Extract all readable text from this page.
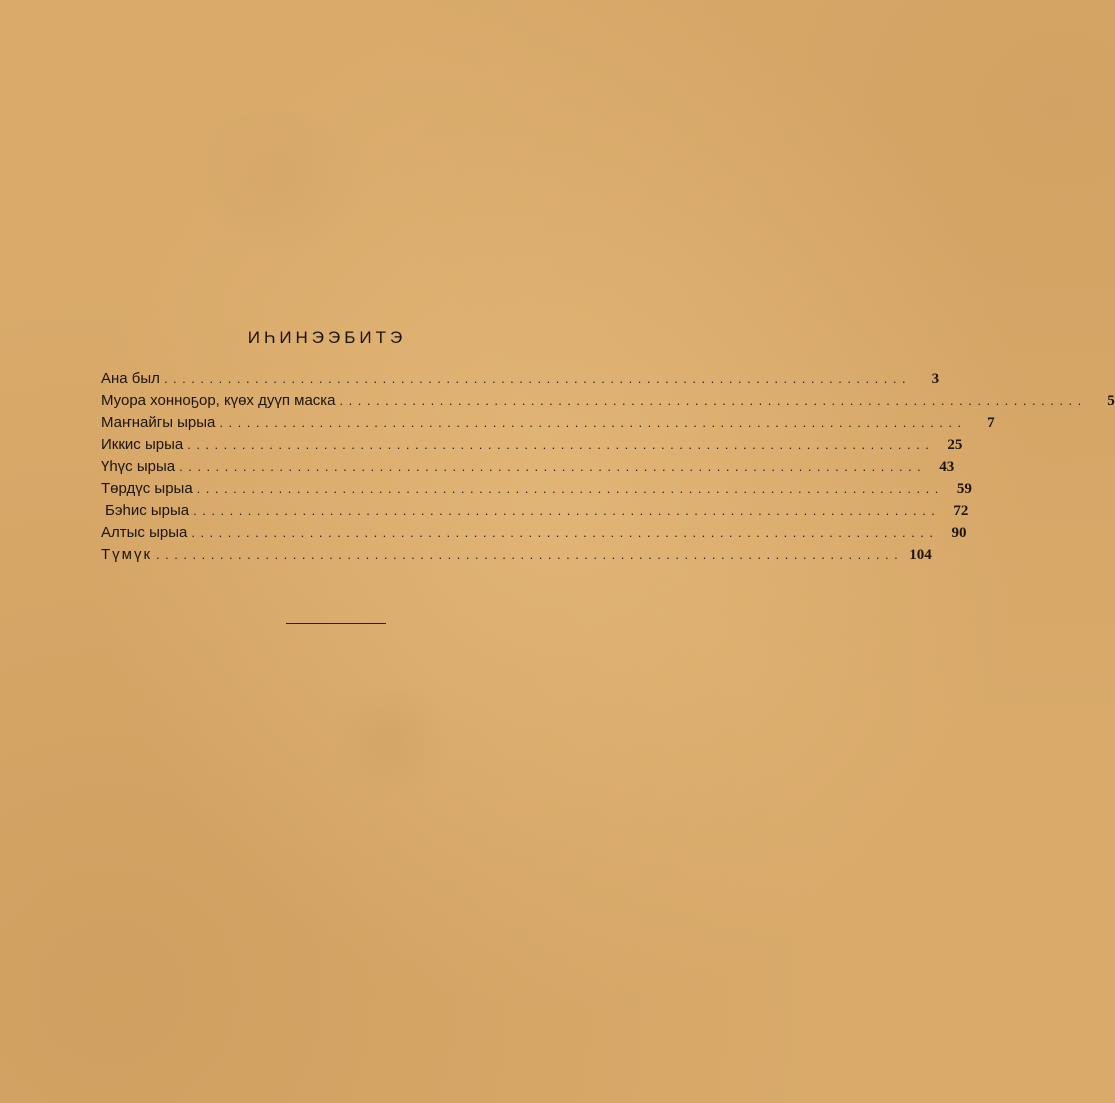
ИҺИНЭЭБИТЭ
Ана был ..................................................................................	3
Муора хонноҕор, күөх дуүп маска ..................................................................................	5
Маҥнайгы ырыа ..................................................................................	7
Иккис ырыа .................................................................................. 25
Үһүс ырыа .................................................................................. 43
Төрдүс ырыа .................................................................................. 59
Бэһис ырыа .................................................................................. 72
Алтыс ырыа .................................................................................. 90
Түмүк .................................................................................. 104
